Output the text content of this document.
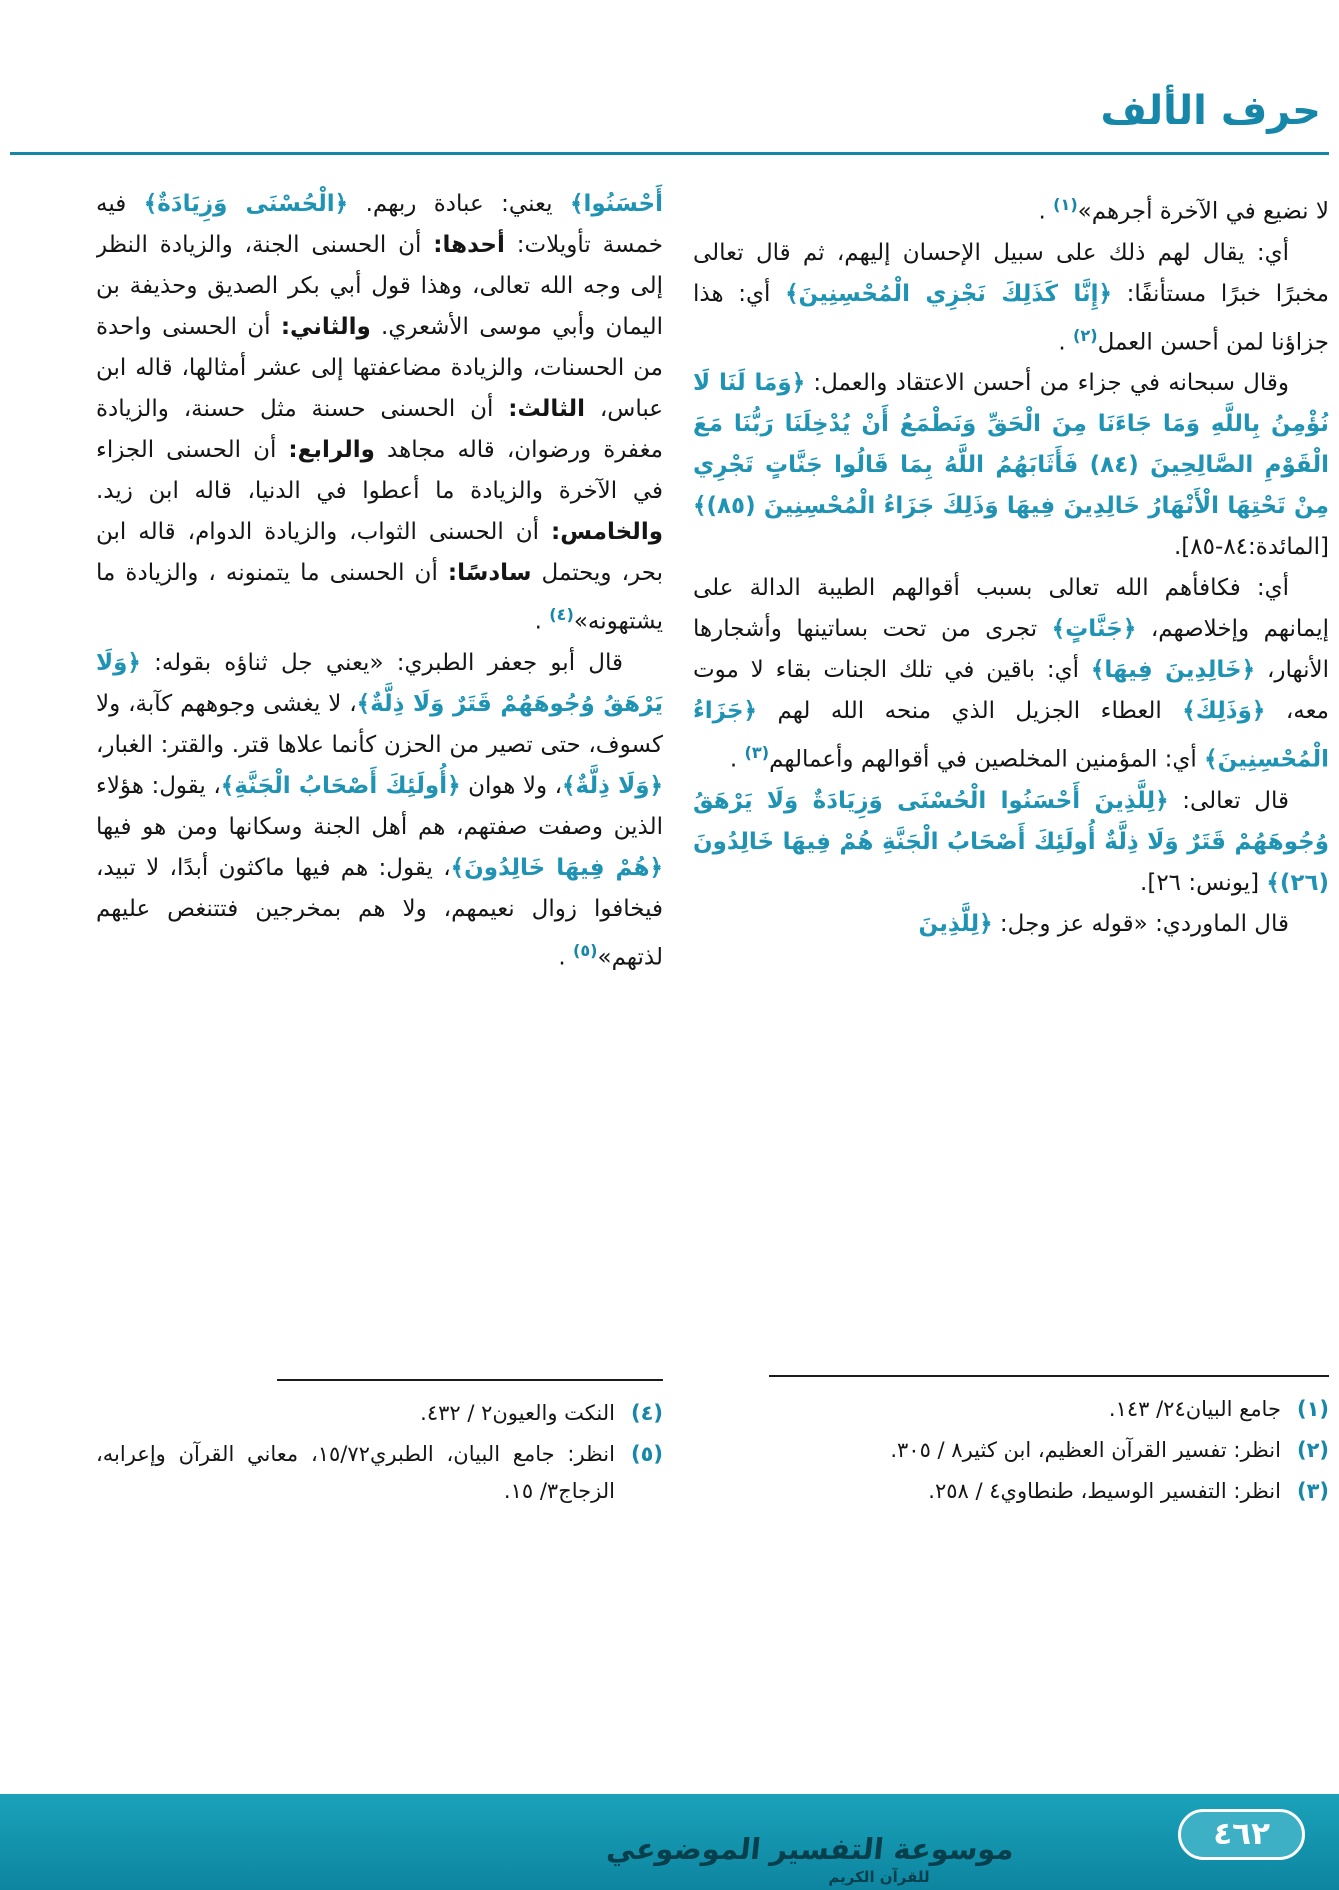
حرف الألف

لا نضيع في الآخرة أجرهم»$^{(١)}$ .

أي: يقال لهم ذلك على سبيل الإحسان إليهم، ثم قال تعالى مخبرًا خبرًا مستأنفًا: ﴿إِنَّا كَذَلِكَ نَجْزِي الْمُحْسِنِينَ﴾ أي: هذا جزاؤنا لمن أحسن العمل$^{(٢)}$ .

وقال سبحانه في جزاء من أحسن الاعتقاد والعمل: ﴿وَمَا لَنَا لَا نُؤْمِنُ بِاللَّهِ وَمَا جَاءَنَا مِنَ الْحَقِّ وَنَطْمَعُ أَنْ يُدْخِلَنَا رَبُّنَا مَعَ الْقَوْمِ الصَّالِحِينَ (٨٤) فَأَثَابَهُمُ اللَّهُ بِمَا قَالُوا جَنَّاتٍ تَجْرِي مِنْ تَحْتِهَا الْأَنْهَارُ خَالِدِينَ فِيهَا وَذَلِكَ جَزَاءُ الْمُحْسِنِينَ (٨٥)﴾ [المائدة:٨٤-٨٥].

أي: فكافأهم الله تعالى بسبب أقوالهم الطيبة الدالة على إيمانهم وإخلاصهم، ﴿جَنَّاتٍ﴾ تجرى من تحت بساتينها وأشجارها الأنهار، ﴿خَالِدِينَ فِيهَا﴾ أي: باقين في تلك الجنات بقاء لا موت معه، ﴿وَذَلِكَ﴾ العطاء الجزيل الذي منحه الله لهم ﴿جَزَاءُ الْمُحْسِنِينَ﴾ أي: المؤمنين المخلصين في أقوالهم وأعمالهم$^{(٣)}$ .

قال تعالى: ﴿لِلَّذِينَ أَحْسَنُوا الْحُسْنَى وَزِيَادَةٌ وَلَا يَرْهَقُ وُجُوهَهُمْ قَتَرٌ وَلَا ذِلَّةٌ أُولَئِكَ أَصْحَابُ الْجَنَّةِ هُمْ فِيهَا خَالِدُونَ (٢٦)﴾ [يونس: ٢٦].

قال الماوردي: «قوله عز وجل: ﴿لِلَّذِينَ

(١)
جامع البيان٢٤/ ١٤٣.
(٢)
انظر: تفسير القرآن العظيم، ابن كثير٨ / ٣٠٥.
(٣)
انظر: التفسير الوسيط، طنطاوي٤ / ٢٥٨.

أَحْسَنُوا﴾ يعني: عبادة ربهم. ﴿الْحُسْنَى وَزِيَادَةٌ﴾ فيه خمسة تأويلات: أحدها: أن الحسنى الجنة، والزيادة النظر إلى وجه الله تعالى، وهذا قول أبي بكر الصديق وحذيفة بن اليمان وأبي موسى الأشعري. والثاني: أن الحسنى واحدة من الحسنات، والزيادة مضاعفتها إلى عشر أمثالها، قاله ابن عباس، الثالث: أن الحسنى حسنة مثل حسنة، والزيادة مغفرة ورضوان، قاله مجاهد والرابع: أن الحسنى الجزاء في الآخرة والزيادة ما أعطوا في الدنيا، قاله ابن زيد. والخامس: أن الحسنى الثواب، والزيادة الدوام، قاله ابن بحر، ويحتمل سادسًا: أن الحسنى ما يتمنونه ، والزيادة ما يشتهونه»$^{(٤)}$ .

قال أبو جعفر الطبري: «يعني جل ثناؤه بقوله: ﴿وَلَا يَرْهَقُ وُجُوهَهُمْ قَتَرٌ وَلَا ذِلَّةٌ﴾، لا يغشى وجوههم كآبة، ولا كسوف، حتى تصير من الحزن كأنما علاها قتر. والقتر: الغبار، ﴿وَلَا ذِلَّةٌ﴾، ولا هوان ﴿أُولَئِكَ أَصْحَابُ الْجَنَّةِ﴾، يقول: هؤلاء الذين وصفت صفتهم، هم أهل الجنة وسكانها ومن هو فيها ﴿هُمْ فِيهَا خَالِدُونَ﴾، يقول: هم فيها ماكثون أبدًا، لا تبيد، فيخافوا زوال نعيمهم، ولا هم بمخرجين فتتنغص عليهم لذتهم»$^{(٥)}$ .

(٤)
النكت والعيون٢ / ٤٣٢.
(٥)
انظر: جامع البيان، الطبري١٥/٧٢، معاني القرآن وإعرابه، الزجاج٣/ ١٥.
موسوعة التفسير الموضوعي
للقرآن الكريم
٤٦٢
